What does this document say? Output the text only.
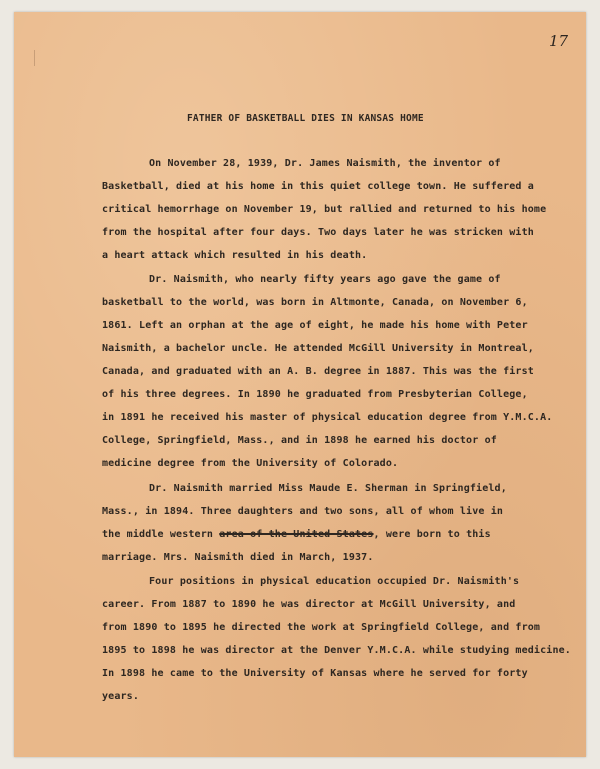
17
FATHER OF BASKETBALL DIES IN KANSAS HOME
On November 28, 1939, Dr. James Naismith, the inventor of
Basketball, died at his home in this quiet college town. He suffered a
critical hemorrhage on November 19, but rallied and returned to his home
from the hospital after four days. Two days later he was stricken with
a heart attack which resulted in his death.
Dr. Naismith, who nearly fifty years ago gave the game of
basketball to the world, was born in Altmonte, Canada, on November 6,
1861. Left an orphan at the age of eight, he made his home with Peter
Naismith, a bachelor uncle. He attended McGill University in Montreal,
Canada, and graduated with an A. B. degree in 1887. This was the first
of his three degrees. In 1890 he graduated from Presbyterian College,
in 1891 he received his master of physical education degree from Y.M.C.A.
College, Springfield, Mass., and in 1898 he earned his doctor of
medicine degree from the University of Colorado.
Dr. Naismith married Miss Maude E. Sherman in Springfield,
Mass., in 1894. Three daughters and two sons, all of whom live in
the middle western area of the United States, were born to this
marriage. Mrs. Naismith died in March, 1937.
Four positions in physical education occupied Dr. Naismith's
career. From 1887 to 1890 he was director at McGill University, and
from 1890 to 1895 he directed the work at Springfield College, and from
1895 to 1898 he was director at the Denver Y.M.C.A. while studying medicine.
In 1898 he came to the University of Kansas where he served for forty
years.
